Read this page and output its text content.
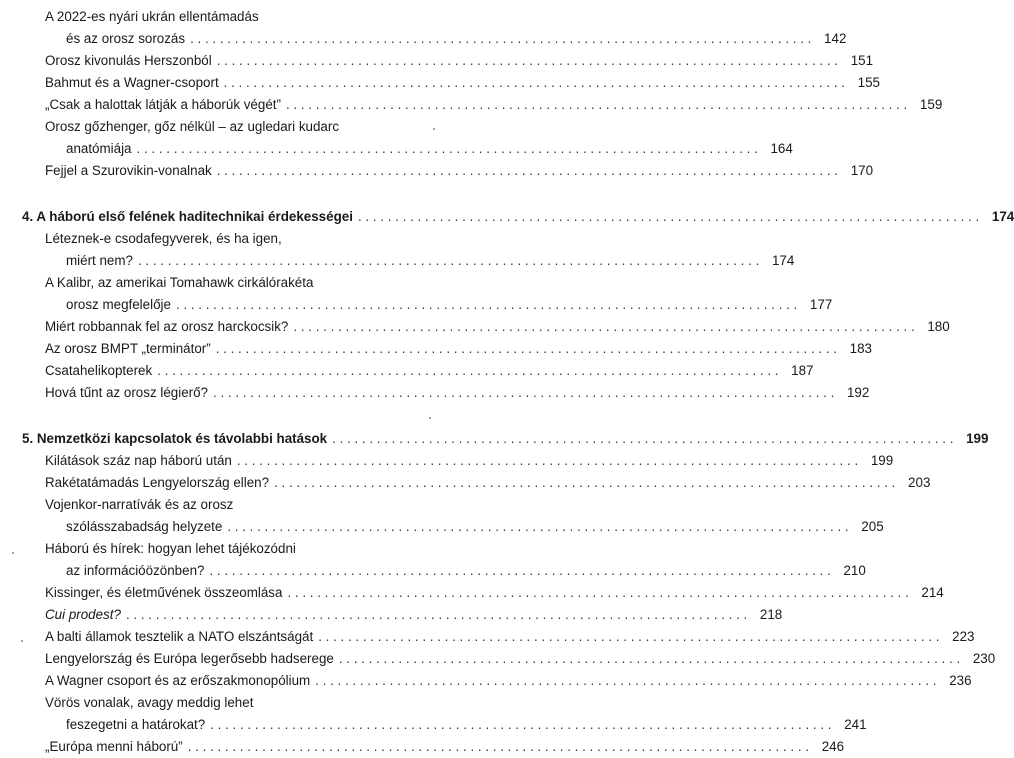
A 2022-es nyári ukrán ellentámadás
és az orosz sorozás . . .	142
Orosz kivonulás Herszonból . . .	151
Bahmut és a Wagner-csoport . . .	155
„Csak a halottak látják a háborúk végét” . . .	159
Orosz gőzhenger, gőz nélkül – az ugledari kudarc
anatómiája . . .	164
Fejjel a Szurovikin-vonalnak . . .	170
4. A háború első felének haditechnikai érdekességei . . .	174
Léteznek-e csodafegyverek, és ha igen,
miért nem? . . .	174
A Kalibr, az amerikai Tomahawk cirkálórakéta
orosz megfelelője . . .	177
Miért robbannak fel az orosz harckocsik? . . .	180
Az orosz BMPT „terminátor” . . .	183
Csatahelikopterek . . .	187
Hová tűnt az orosz légierő? . . .	192
5. Nemzetközi kapcsolatok és távolabbi hatások . . .	199
Kilátások száz nap háború után . . .	199
Rakétatámadás Lengyelország ellen? . . .	203
Vojenkor-narratívák és az orosz
szólásszabadság helyzete . . .	205
Háború és hírek: hogyan lehet tájékozódni
az információözönben? . . .	210
Kissinger, és életművének összeomlása . . .	214
Cui prodest? . . .	218
A balti államok tesztelik a NATO elszántságát . . .	223
Lengyelország és Európa legerősebb hadserege . . .	230
A Wagner csoport és az erőszakmonopólium . . .	236
Vörös vonalak, avagy meddig lehet
feszegetni a határokat? . . .	241
„Európa menni háború” . . .	246
